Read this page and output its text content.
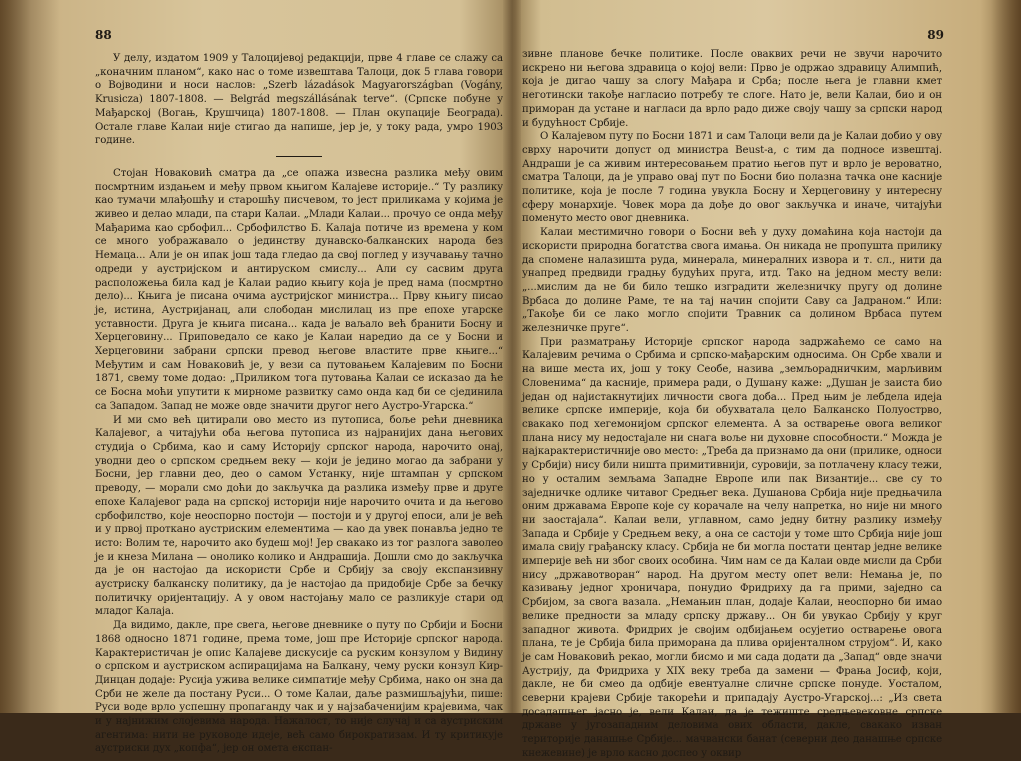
88

У делу, издатом 1909 у Талоцијевој редакцији, прве 4 главе се слажу са „коначним планом“, како нас о томе извештава Талоци, док 5 глава говори о Војводини и носи наслов: „Szerb lázadások Magyarországban (Vogány, Krusicza) 1807-1808. — Belgrád megszállásának terve“. (Српске побуне у Мађарској (Вогањ, Крушчица) 1807-1808. — План окупације Београда). Остале главе Калаи није стигао да напише, јер је, у току рада, умро 1903 године.

Стојан Новаковић сматра да „се опажа извесна разлика међу овим посмртним издањем и међу првом књигом Калајеве историје..“ Ту разлику као тумачи млађошћу и старошћу писчевом, то јест приликама у којима је живео и делао млади, па стари Калаи. „Млади Калаи... прочуо се онда међу Мађарима као србофил... Србофилство Б. Калаја потиче из времена у ком се много уображавало о јединству дунавско-балканских народа без Немаца... Али је он ипак још тада гледао да свој поглед у изучавању тачно одреди у аустријском и антируском смислу... Али су сасвим друга расположења била кад је Калаи радио књигу која је пред нама (посмртно дело)... Књига је писана очима аустријског министра... Прву књигу писао је, истина, Аустријанац, али слободан мислилац из пре епохе угарске уставности. Друга је књига писана... када је ваљало већ бранити Босну и Херцеговину... Приповедало се како је Калаи наредио да се у Босни и Херцеговини забрани српски превод његове властите прве књиге...“ Међутим и сам Новаковић је, у вези са путовањем Калајевим по Босни 1871, свему томе додао: „Приликом тога путовања Калаи се исказао да ће се Босна моћи упутити к мирноме развитку само онда кад би се сјединила са Западом. Запад не може овде значити другог него Аустро-Угарска.“

И ми смо већ цитирали ово место из путописа, боље рећи дневника Калајевог, а читајући оба његова путописа из најранијих дана његових студија о Србима, као и саму Историју српског народа, нарочито онај, уводни део о српском средњем веку — који је једино могао да забрани у Босни, јер главни део, део о самом Устанку, није штампан у српском преводу, — морали смо доћи до закључка да разлика између прве и друге епохе Калајевог рада на српској историји није нарочито очита и да његово србофилство, које неоспорно постоји — постоји и у другој епоси, али је већ и у првој проткано аустриским елементима — као да увек понавља једно те исто: Волим те, нарочито ако будеш мој! Јер свакако из тог разлога заволео је и кнеза Милана — онолико колико и Андрашија. Дошли смо до закључка да је он настојао да искористи Србе и Србију за своју експанзивну аустриску балканску политику, да је настојао да придобије Србе за бечку политичку оријентацију. А у овом настојању мало се разликује стари од младог Калаја.

Да видимо, дакле, пре свега, његове дневнике о путу по Србији и Босни 1868 односно 1871 године, према томе, још пре Историје српског народа. Карактеристичан је опис Калајеве дискусије са руским конзулом у Видину о српском и аустриском аспирацијама на Балкану, чему руски конзул Кир-Динцан додаје: Русија ужива велике симпатије међу Србима, нако он зна да Срби не желе да постану Руси... О томе Калаи, даље размишљајући, пише: Руси воде врло успешну пропаганду чак и у најзабаченијим крајевима, чак и у најнижим слојевима народа. Нажалост, то није случај и са аустриским агентима: нити не руководе идеје, већ само бирократизам. И ту критикује аустриски дух „копфа“, јер он омета експан-

89

зивне планове бечке политике. После оваквих речи не звучи нарочито искрено ни његова здравица о којој вели: Прво је одржао здравицу Алимпић, која је дигао чашу за слогу Мађара и Срба; после њега је главни кмет неготински такође нагласио потребу те слоге. Нато је, вели Калаи, био и он приморан да устане и нагласи да врло радо диже своју чашу за српски народ и будућност Србије.

О Калајевом путу по Босни 1871 и сам Талоци вели да је Калаи добио у ову сврху нарочити допуст од министра Beust-а, с тим да подносе извештај. Андраши је са живим интересовањем пратио његов пут и врло је вероватно, сматра Талоци, да је управо овај пут по Босни био полазна тачка оне касније политике, која је после 7 година увукла Босну и Херцеговину у интересну сферу монархије. Човек мора да дође до овог закључка и иначе, читајући поменуто место овог дневника.

Калаи местимично говори о Босни већ у духу домаћина која настоји да искористи природна богатства свога имања. Он никада не пропушта прилику да спомене налазишта руда, минерала, минералних извора и т. сл., нити да унапред предвиди градњу будућих пруга, итд. Тако на једном месту вели: „...мислим да не би било тешко изградити железничку пругу од долине Врбаса до долине Раме, те на тај начин спојити Саву са Јадраном.“ Или: „Такође би се лако могло спојити Травник са долином Врбаса путем железничке пруге“.

При разматрању Историје српског народа задржаћемо се само на Калајевим речима о Србима и српско-мађарским односима. Он Србе хвали и на више места их, још у току Сеобе, назива „земљорадничким, марљивим Словенима“ да касније, примера ради, о Душану каже: „Душан је заиста био један од најистакнутијих личности свога доба... Пред њим је лебдела идеја велике српске империје, која би обухватала цело Балканско Полуострво, свакако под хегемонијом српског елемента. А за остварење овога великог плана нису му недостајале ни снага воље ни духовне способности.“ Можда је најкарактеристичније ово место: „Треба да признамо да они (прилике, односи у Србији) нису били ништа примитивнији, суровији, за потлачену класу тежи, но у осталим земљама Западне Европе или пак Византије... све су то заједничке одлике читавог Средњег века. Душанова Србија није предњачила оним државама Европе које су корачале на челу напретка, но није ни много ни заостајала“. Калаи вели, углавном, само једну битну разлику између Запада и Србије у Средњем веку, а она се састоји у томе што Србија није још имала свију грађанску класу. Србија не би могла постати центар једне велике империје већ ни због своих особина. Чим нам се да Калаи овде мисли да Срби нису „државотворан“ народ. На другом месту опет вели: Немања је, по казивању једног хроничара, понудио Фридриху да га прими, заједно са Србијом, за свога вазала. „Немањин план, додаје Калаи, неоспорно би имао велике предности за младу српску државу... Он би увукао Србију у круг западног живота. Фридрих је својим одбијањем осујетио остварење овога плана, те је Србија била приморана да плива оријенталном струјом“. И, како је сам Новаковић рекао, могли бисмо и ми сада додати да „Запад“ овде значи Аустрију, да Фридриха у XIX веку треба да замени — Фрања Јосиф, који, дакле, не би смео да одбије евентуалне сличне српске понуде. Уосталом, северни крајеви Србије такорећи и припадају Аустро-Угарској...: „Из света досадашњег јасно је, вели Калаи, да је тежиште средњевековне српске државе у југозападним деловима овиx области, дакле, свакако изван територије данашње Србије... мачвански банат (северни део данашње српске кнежевине) је врло касно доспео у оквир
